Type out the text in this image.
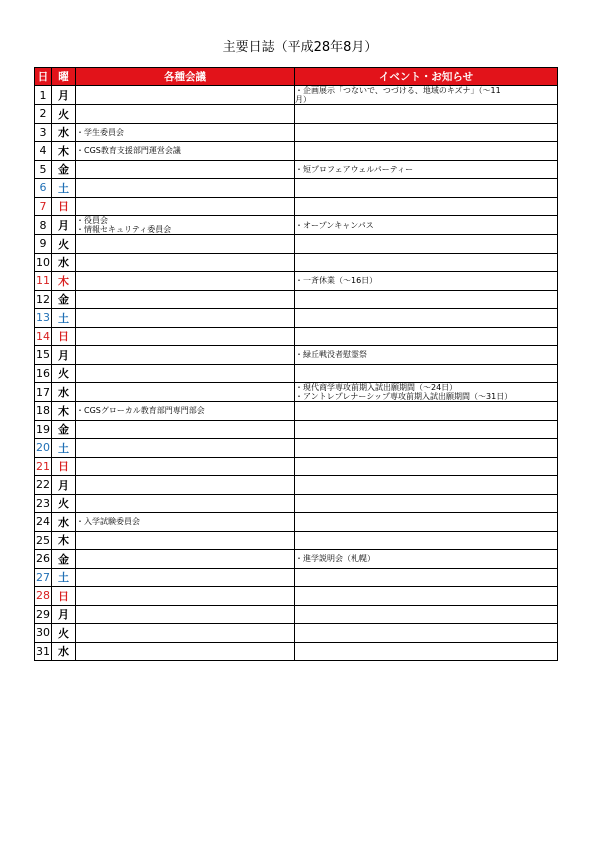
主要日誌（平成28年8月）
日	曜	各種会議	イベント・お知らせ
1	月		・企画展示「つないで、つづける、地域のキズナ」（～11
月）

2	火		
3	水	・学生委員会	

4	木	・CGS教育支援部門運営会議	

5	金		・短プロフェアウェルパーティー

6	土		
7	日		
8	月	・役員会
・情報セキュリティ委員会	・オープンキャンパス

9	火		
10	水		
11	木		・一斉休業（～16日）

12	金		
13	土		
14	日		
15	月		・緑丘戦没者慰霊祭

16	火		
17	水		・現代商学専攻前期入試出願期間（～24日）
・アントレプレナーシップ専攻前期入試出願期間（～31日）

18	木	・CGSグローカル教育部門専門部会	

19	金		
20	土		
21	日		
22	月		
23	火		
24	水	・入学試験委員会	

25	木		
26	金		・進学説明会（札幌）

27	土		
28	日		
29	月		
30	火		
31	水		
